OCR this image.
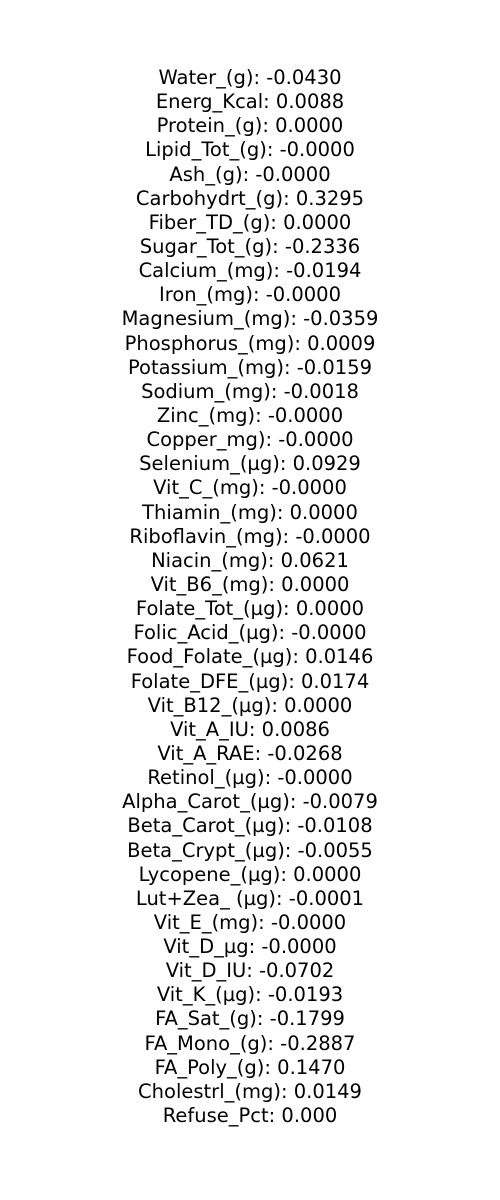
Water_(g): -0.0430
Energ_Kcal: 0.0088
Protein_(g): 0.0000
Lipid_Tot_(g): -0.0000
Ash_(g): -0.0000
Carbohydrt_(g): 0.3295
Fiber_TD_(g): 0.0000
Sugar_Tot_(g): -0.2336
Calcium_(mg): -0.0194
Iron_(mg): -0.0000
Magnesium_(mg): -0.0359
Phosphorus_(mg): 0.0009
Potassium_(mg): -0.0159
Sodium_(mg): -0.0018
Zinc_(mg): -0.0000
Copper_mg): -0.0000
Selenium_(µg): 0.0929
Vit_C_(mg): -0.0000
Thiamin_(mg): 0.0000
Riboflavin_(mg): -0.0000
Niacin_(mg): 0.0621
Vit_B6_(mg): 0.0000
Folate_Tot_(µg): 0.0000
Folic_Acid_(µg): -0.0000
Food_Folate_(µg): 0.0146
Folate_DFE_(µg): 0.0174
Vit_B12_(µg): 0.0000
Vit_A_IU: 0.0086
Vit_A_RAE: -0.0268
Retinol_(µg): -0.0000
Alpha_Carot_(µg): -0.0079
Beta_Carot_(µg): -0.0108
Beta_Crypt_(µg): -0.0055
Lycopene_(µg): 0.0000
Lut+Zea_ (µg): -0.0001
Vit_E_(mg): -0.0000
Vit_D_µg: -0.0000
Vit_D_IU: -0.0702
Vit_K_(µg): -0.0193
FA_Sat_(g): -0.1799
FA_Mono_(g): -0.2887
FA_Poly_(g): 0.1470
Cholestrl_(mg): 0.0149
Refuse_Pct: 0.000
